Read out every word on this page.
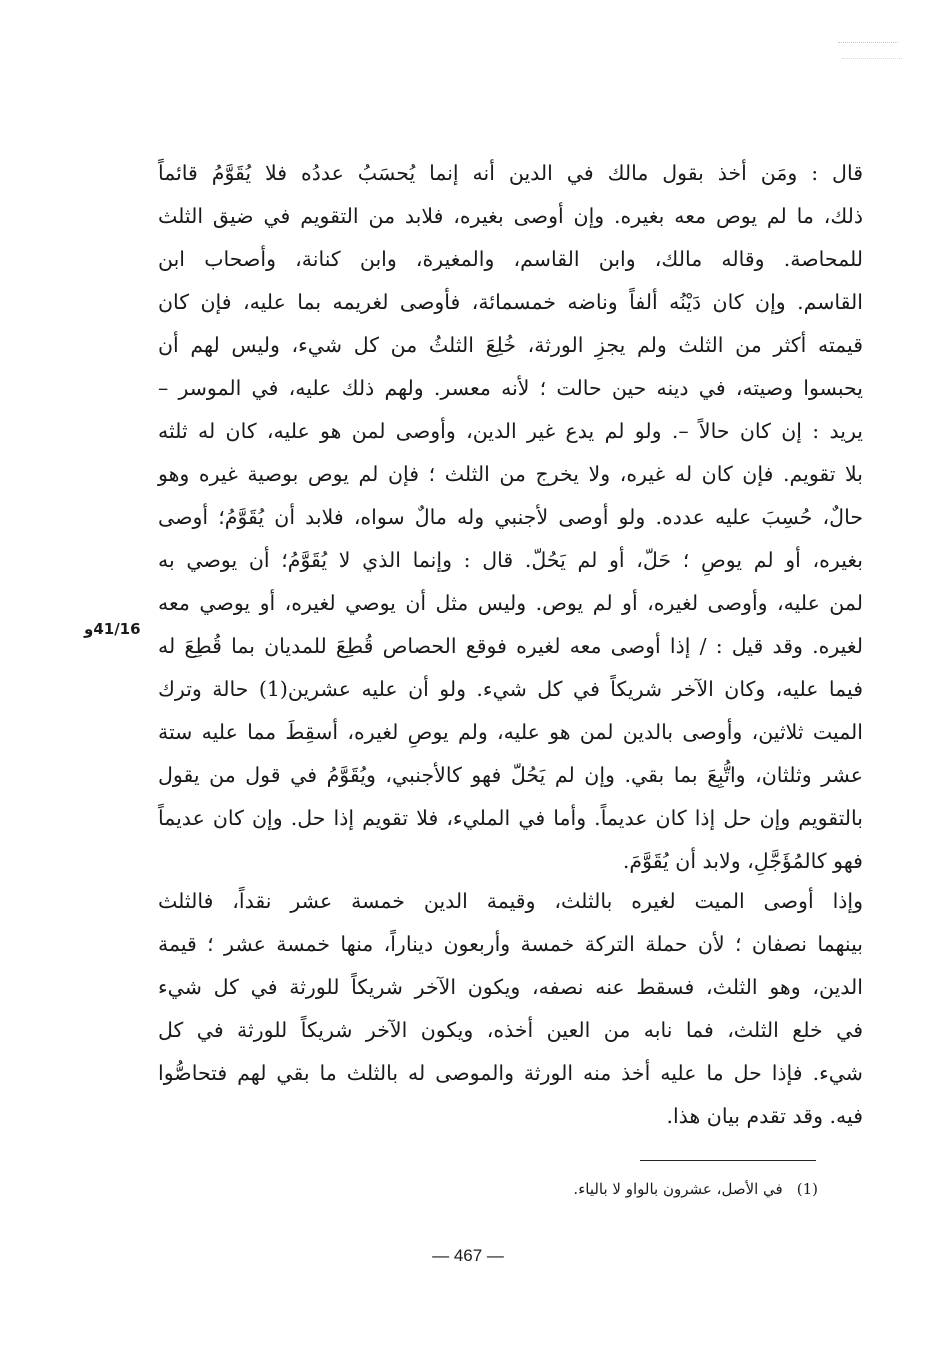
قال : ومَن أخذ بقول مالك في الدين أنه إنما يُحسَبُ عددُه فلا يُقَوَّمُ قائماً
ذلك، ما لم يوص معه بغيره. وإن أوصى بغيره، فلابد من التقويم في ضيق الثلث
للمحاصة. وقاله مالك، وابن القاسم، والمغيرة، وابن كنانة، وأصحاب ابن
القاسم. وإن كان دَيْنُه ألفاً وناضه خمسمائة، فأوصى لغريمه بما عليه، فإن كان
قيمته أكثر من الثلث ولم يجزِ الورثة، خُلِعَ الثلثُ من كل شيء، وليس لهم أن
يحبسوا وصيته، في دينه حين حالت ؛ لأنه معسر. ولهم ذلك عليه، في الموسر –
يريد : إن كان حالاً –. ولو لم يدع غير الدين، وأوصى لمن هو عليه، كان له ثلثه
بلا تقويم. فإن كان له غيره، ولا يخرج من الثلث ؛ فإن لم يوص بوصية غيره وهو
حالٌ، حُسِبَ عليه عدده. ولو أوصى لأجنبي وله مالٌ سواه، فلابد أن يُقَوَّمُ؛ أوصى
بغيره، أو لم يوصِ ؛ حَلّ، أو لم يَحُلّ. قال : وإنما الذي لا يُقَوَّمُ؛ أن يوصي به
لمن عليه، وأوصى لغيره، أو لم يوص. وليس مثل أن يوصي لغيره، أو يوصي معه
لغيره. وقد قيل : / إذا أوصى معه لغيره فوقع الحصاص قُطِعَ للمديان بما قُطِعَ له
فيما عليه، وكان الآخر شريكاً في كل شيء. ولو أن عليه عشرين(1) حالة وترك
الميت ثلاثين، وأوصى بالدين لمن هو عليه، ولم يوصِ لغيره، أسقِطَ مما عليه ستة
عشر وثلثان، واتُّبِعَ بما بقي. وإن لم يَحُلّ فهو كالأجنبي، ويُقَوَّمُ في قول من يقول
بالتقويم وإن حل إذا كان عديماً. وأما في المليء، فلا تقويم إذا حل. وإن كان عديماً
فهو كالمُؤَجَّلِ، ولابد أن يُقَوَّمَ.
وإذا أوصى الميت لغيره بالثلث، وقيمة الدين خمسة عشر نقداً، فالثلث
بينهما نصفان ؛ لأن حملة التركة خمسة وأربعون ديناراً، منها خمسة عشر ؛ قيمة
الدين، وهو الثلث، فسقط عنه نصفه، ويكون الآخر شريكاً للورثة في كل شيء
في خلع الثلث، فما نابه من العين أخذه، ويكون الآخر شريكاً للورثة في كل
شيء. فإذا حل ما عليه أخذ منه الورثة والموصى له بالثلث ما بقي لهم فتحاصُّوا
فيه. وقد تقدم بيان هذا.
41/16و
(1)في الأصل، عشرون بالواو لا بالياء.
— 467 —
